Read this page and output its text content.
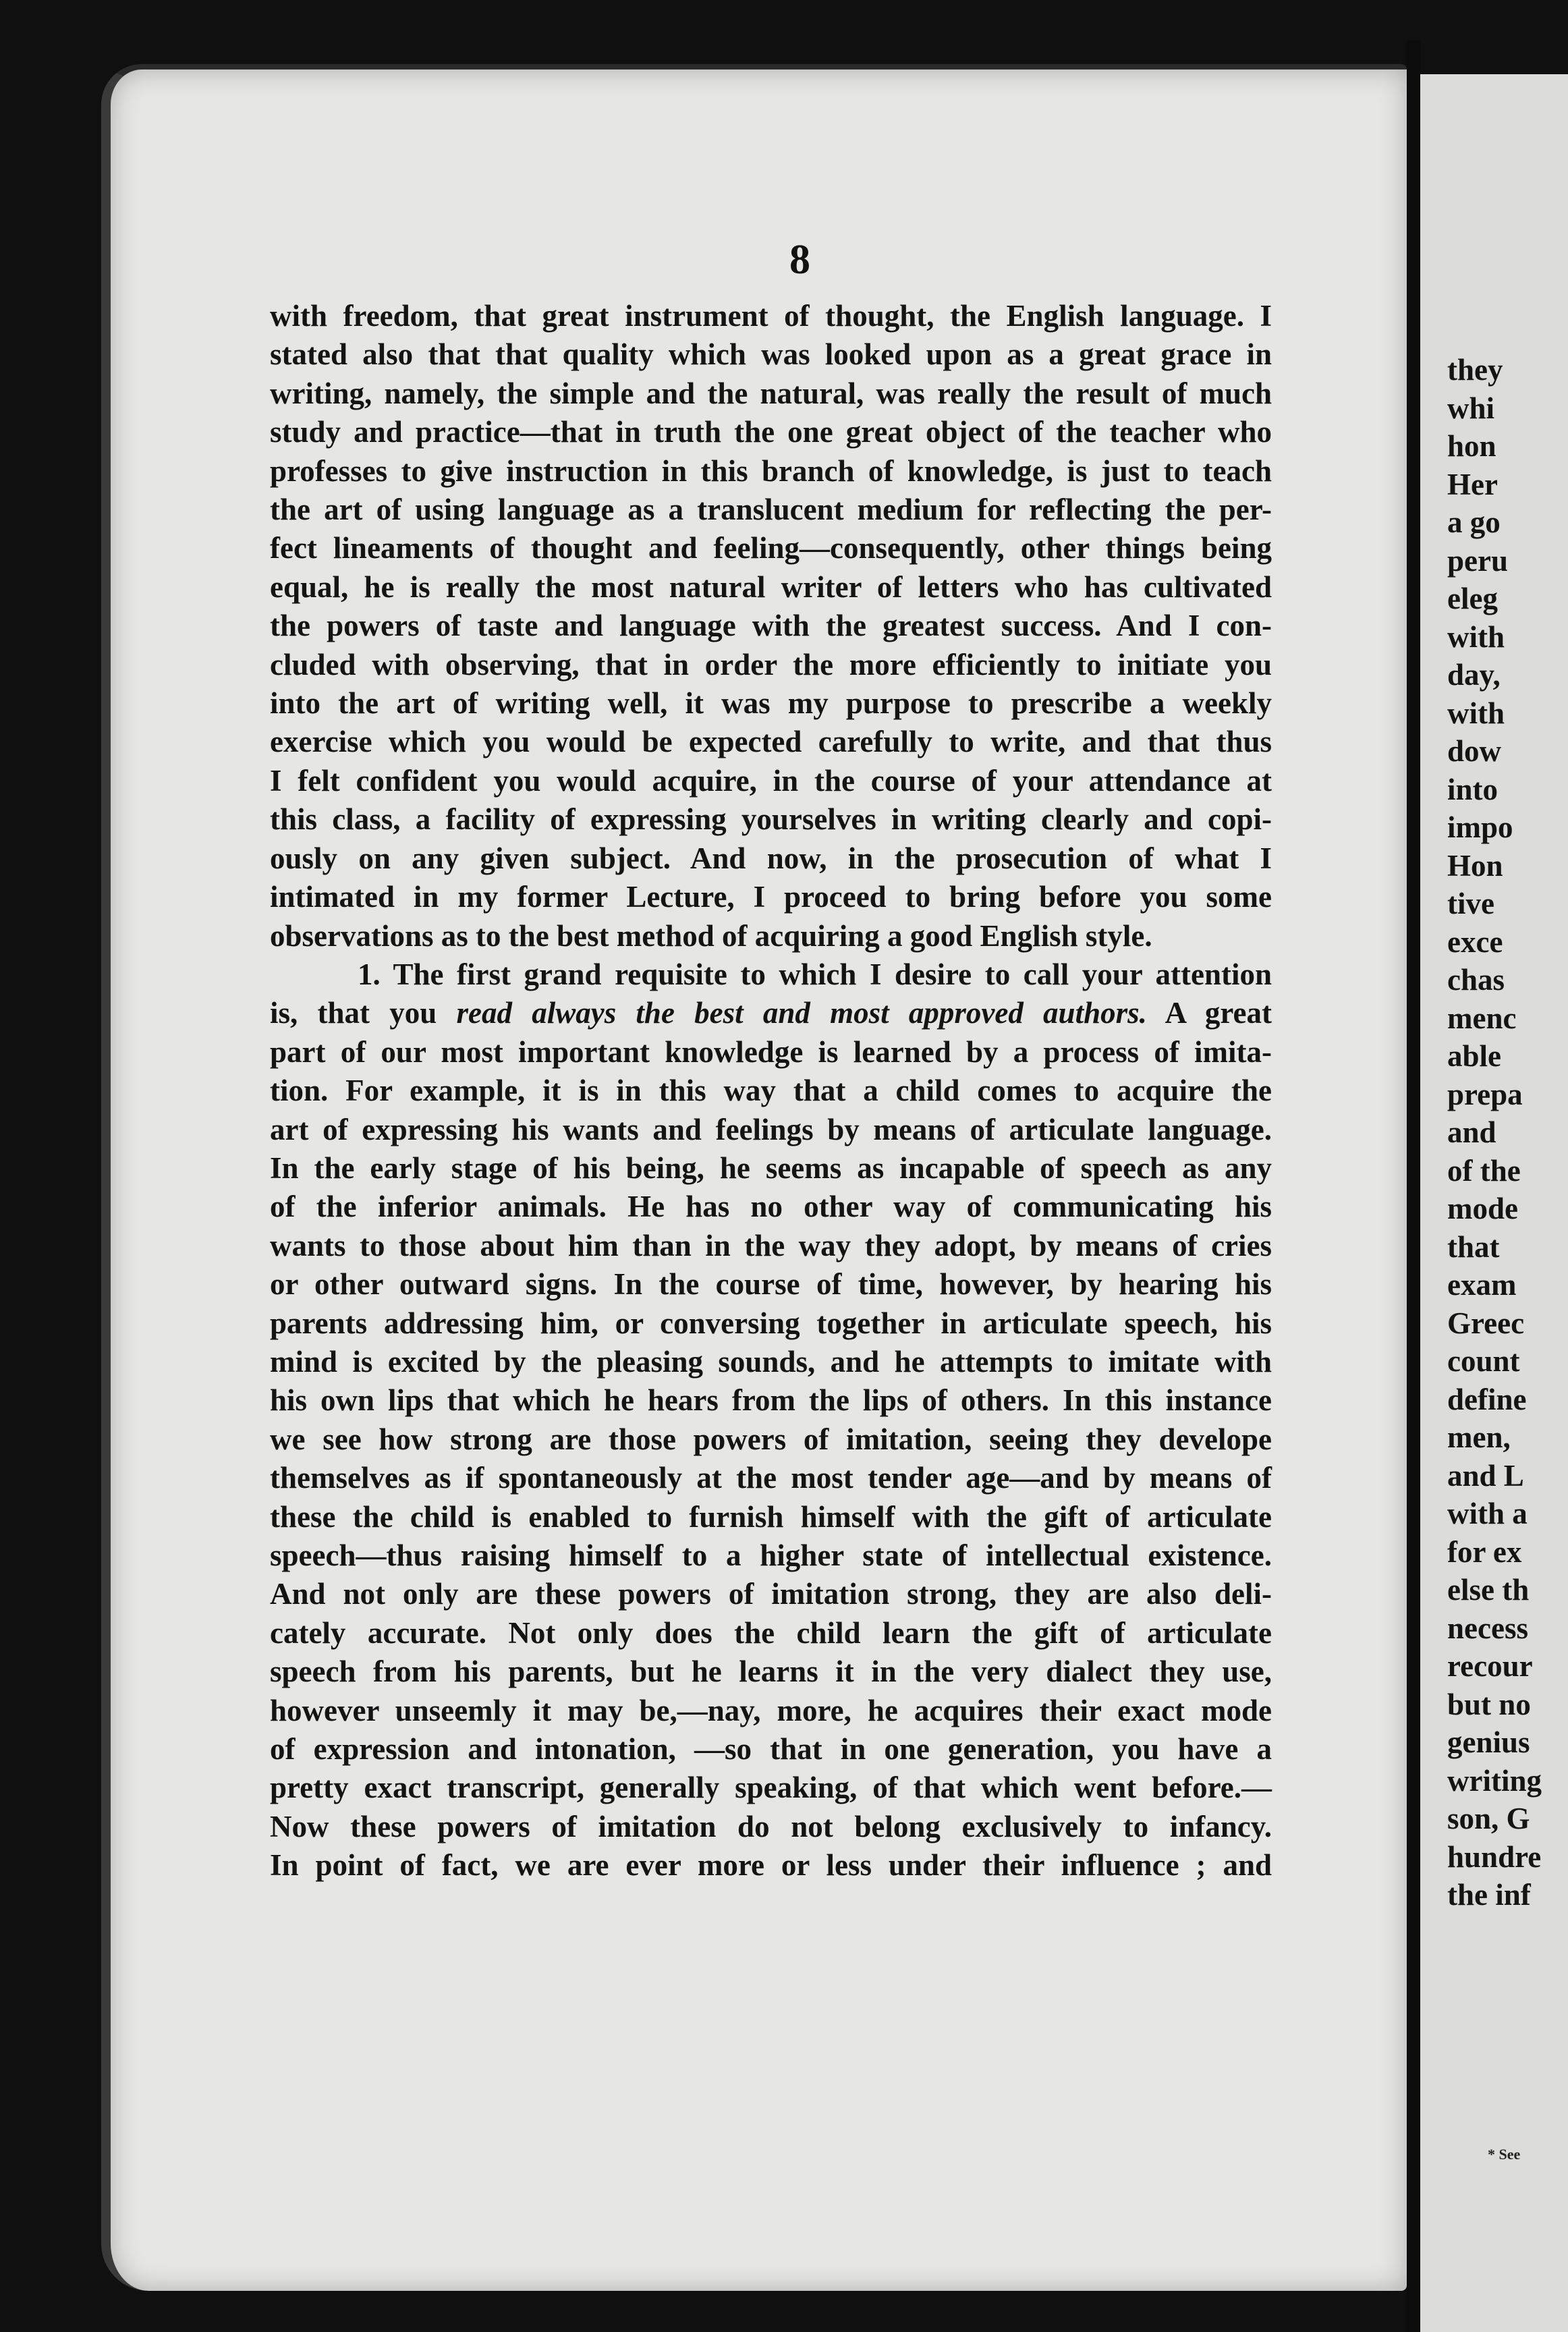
8
with freedom, that great instrument of thought, the English language. I
stated also that that quality which was looked upon as a great grace in
writing, namely, the simple and the natural, was really the result of much
study and practice—that in truth the one great object of the teacher who
professes to give instruction in this branch of knowledge, is just to teach
the art of using language as a translucent medium for reflecting the per-
fect lineaments of thought and feeling—consequently, other things being
equal, he is really the most natural writer of letters who has cultivated
the powers of taste and language with the greatest success. And I con-
cluded with observing, that in order the more efficiently to initiate you
into the art of writing well, it was my purpose to prescribe a weekly
exercise which you would be expected carefully to write, and that thus
I felt confident you would acquire, in the course of your attendance at
this class, a facility of expressing yourselves in writing clearly and copi-
ously on any given subject. And now, in the prosecution of what I
intimated in my former Lecture, I proceed to bring before you some
observations as to the best method of acquiring a good English style.
1. The first grand requisite to which I desire to call your attention
is, that you read always the best and most approved authors. A great
part of our most important knowledge is learned by a process of imita-
tion. For example, it is in this way that a child comes to acquire the
art of expressing his wants and feelings by means of articulate language.
In the early stage of his being, he seems as incapable of speech as any
of the inferior animals. He has no other way of communicating his
wants to those about him than in the way they adopt, by means of cries
or other outward signs. In the course of time, however, by hearing his
parents addressing him, or conversing together in articulate speech, his
mind is excited by the pleasing sounds, and he attempts to imitate with
his own lips that which he hears from the lips of others. In this instance
we see how strong are those powers of imitation, seeing they develope
themselves as if spontaneously at the most tender age—and by means of
these the child is enabled to furnish himself with the gift of articulate
speech—thus raising himself to a higher state of intellectual existence.
And not only are these powers of imitation strong, they are also deli-
cately accurate. Not only does the child learn the gift of articulate
speech from his parents, but he learns it in the very dialect they use,
however unseemly it may be,—nay, more, he acquires their exact mode
of expression and intonation, —so that in one generation, you have a
pretty exact transcript, generally speaking, of that which went before.—
Now these powers of imitation do not belong exclusively to infancy.
In point of fact, we are ever more or less under their influence ; and
they
whi
hon
Her
a go
peru
eleg
with
day,
with
dow
into
impo
Hon
tive
exce
chas
menc
able
prepa
and
of the
mode
that
exam
Greec
count
define
men,
and L
with a
for ex
else th
necess
recour
but no
genius
writing
son, G
hundre
the inf
* See
